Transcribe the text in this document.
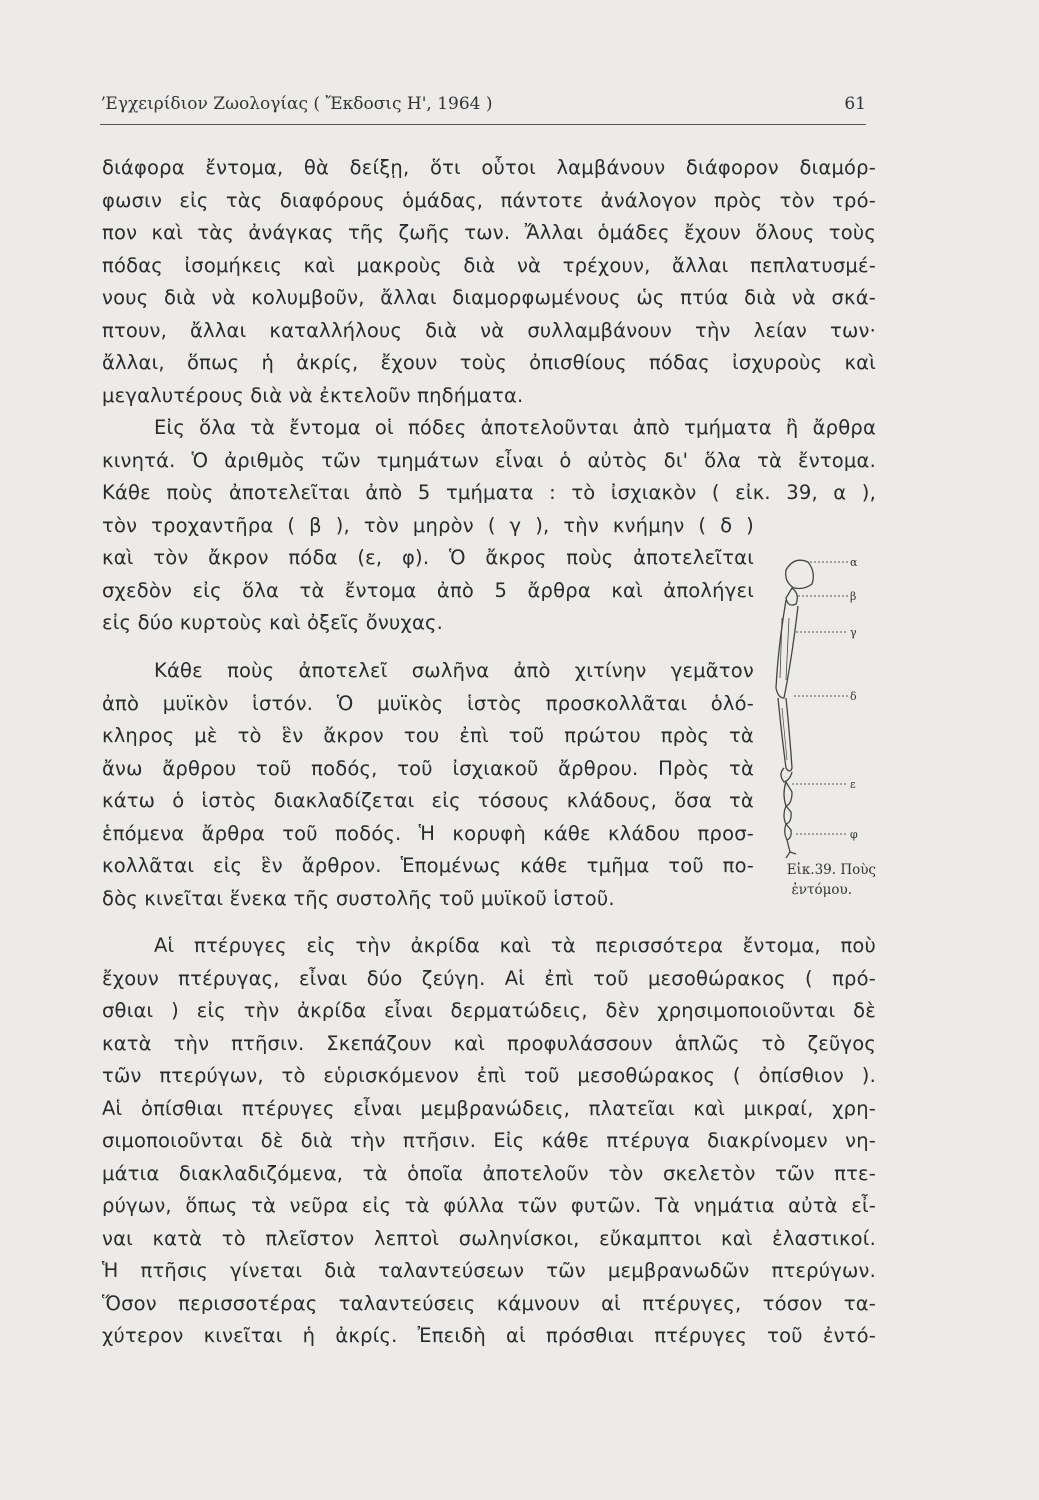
ʼΕγχειρίδιον Ζωολογίας ( Ἔκδοσις Η', 1964 )	61
διάφορα ἔντομα, θὰ δείξῃ, ὅτι οὗτοι λαμβάνουν διάφορον διαμόρ-
φωσιν εἰς τὰς διαφόρους ὁμάδας, πάντοτε ἀνάλογον πρὸς τὸν τρό-
πον καὶ τὰς ἀνάγκας τῆς ζωῆς των. Ἄλλαι ὁμάδες ἔχουν ὅλους τοὺς
πόδας ἰσομήκεις καὶ μακροὺς διὰ νὰ τρέχουν, ἄλλαι πεπλατυσμέ-
νους διὰ νὰ κολυμβοῦν, ἄλλαι διαμορφωμένους ὡς πτύα διὰ νὰ σκά-
πτουν, ἄλλαι καταλλήλους διὰ νὰ συλλαμβάνουν τὴν λείαν των·
ἄλλαι, ὅπως ἡ ἀκρίς, ἔχουν τοὺς ὀπισθίους πόδας ἰσχυροὺς καὶ
μεγαλυτέρους διὰ νὰ ἐκτελοῦν πηδήματα.
Εἰς ὅλα τὰ ἔντομα οἱ πόδες ἀποτελοῦνται ἀπὸ τμήματα ἢ ἄρθρα
κινητά. Ὁ ἀριθμὸς τῶν τμημάτων εἶναι ὁ αὐτὸς δι' ὅλα τὰ ἔντομα.
Κάθε ποὺς ἀποτελεῖται ἀπὸ 5 τμήματα : τὸ ἰσχιακὸν ( εἰκ. 39, α ),
τὸν τροχαντῆρα ( β ), τὸν μηρὸν ( γ ), τὴν κνήμην ( δ )
καὶ τὸν ἄκρον πόδα (ε, φ). Ὁ ἄκρος ποὺς ἀποτελεῖται
σχεδὸν εἰς ὅλα τὰ ἔντομα ἀπὸ 5 ἄρθρα καὶ ἀπολήγει
εἰς δύο κυρτοὺς καὶ ὀξεῖς ὄνυχας.
Κάθε ποὺς ἀποτελεῖ σωλῆνα ἀπὸ χιτίνην γεμᾶτον
ἀπὸ μυϊκὸν ἱστόν. Ὁ μυϊκὸς ἱστὸς προσκολλᾶται ὁλό-
κληρος μὲ τὸ ἓν ἄκρον του ἐπὶ τοῦ πρώτου πρὸς τὰ
ἄνω ἄρθρου τοῦ ποδός, τοῦ ἰσχιακοῦ ἄρθρου. Πρὸς τὰ
κάτω ὁ ἱστὸς διακλαδίζεται εἰς τόσους κλάδους, ὅσα τὰ
ἑπόμενα ἄρθρα τοῦ ποδός. Ἡ κορυφὴ κάθε κλάδου προσ-
κολλᾶται εἰς ἓν ἄρθρον. Ἑπομένως κάθε τμῆμα τοῦ πο-
δὸς κινεῖται ἕνεκα τῆς συστολῆς τοῦ μυϊκοῦ ἱστοῦ.
Αἱ πτέρυγες εἰς τὴν ἀκρίδα καὶ τὰ περισσότερα ἔντομα, ποὺ
ἔχουν πτέρυγας, εἶναι δύο ζεύγη. Αἱ ἐπὶ τοῦ μεσοθώρακος ( πρό-
σθιαι ) εἰς τὴν ἀκρίδα εἶναι δερματώδεις, δὲν χρησιμοποιοῦνται δὲ
κατὰ τὴν πτῆσιν. Σκεπάζουν καὶ προφυλάσσουν ἁπλῶς τὸ ζεῦγος
τῶν πτερύγων, τὸ εὑρισκόμενον ἐπὶ τοῦ μεσοθώρακος ( ὀπίσθιον ).
Αἱ ὀπίσθιαι πτέρυγες εἶναι μεμβρανώδεις, πλατεῖαι καὶ μικραί, χρη-
σιμοποιοῦνται δὲ διὰ τὴν πτῆσιν. Εἰς κάθε πτέρυγα διακρίνομεν νη-
μάτια διακλαδιζόμενα, τὰ ὁποῖα ἀποτελοῦν τὸν σκελετὸν τῶν πτε-
ρύγων, ὅπως τὰ νεῦρα εἰς τὰ φύλλα τῶν φυτῶν. Τὰ νημάτια αὐτὰ εἶ-
ναι κατὰ τὸ πλεῖστον λεπτοὶ σωληνίσκοι, εὔκαμπτοι καὶ ἐλαστικοί.
Ἡ πτῆσις γίνεται διὰ ταλαντεύσεων τῶν μεμβρανωδῶν πτερύγων.
Ὅσον περισσοτέρας ταλαντεύσεις κάμνουν αἱ πτέρυγες, τόσον τα-
χύτερον κινεῖται ἡ ἀκρίς. Ἐπειδὴ αἱ πρόσθιαι πτέρυγες τοῦ ἐντό-
α
β
γ
δ
ε
φ
Εἰκ.39. Ποὺς
ἐντόμου.
